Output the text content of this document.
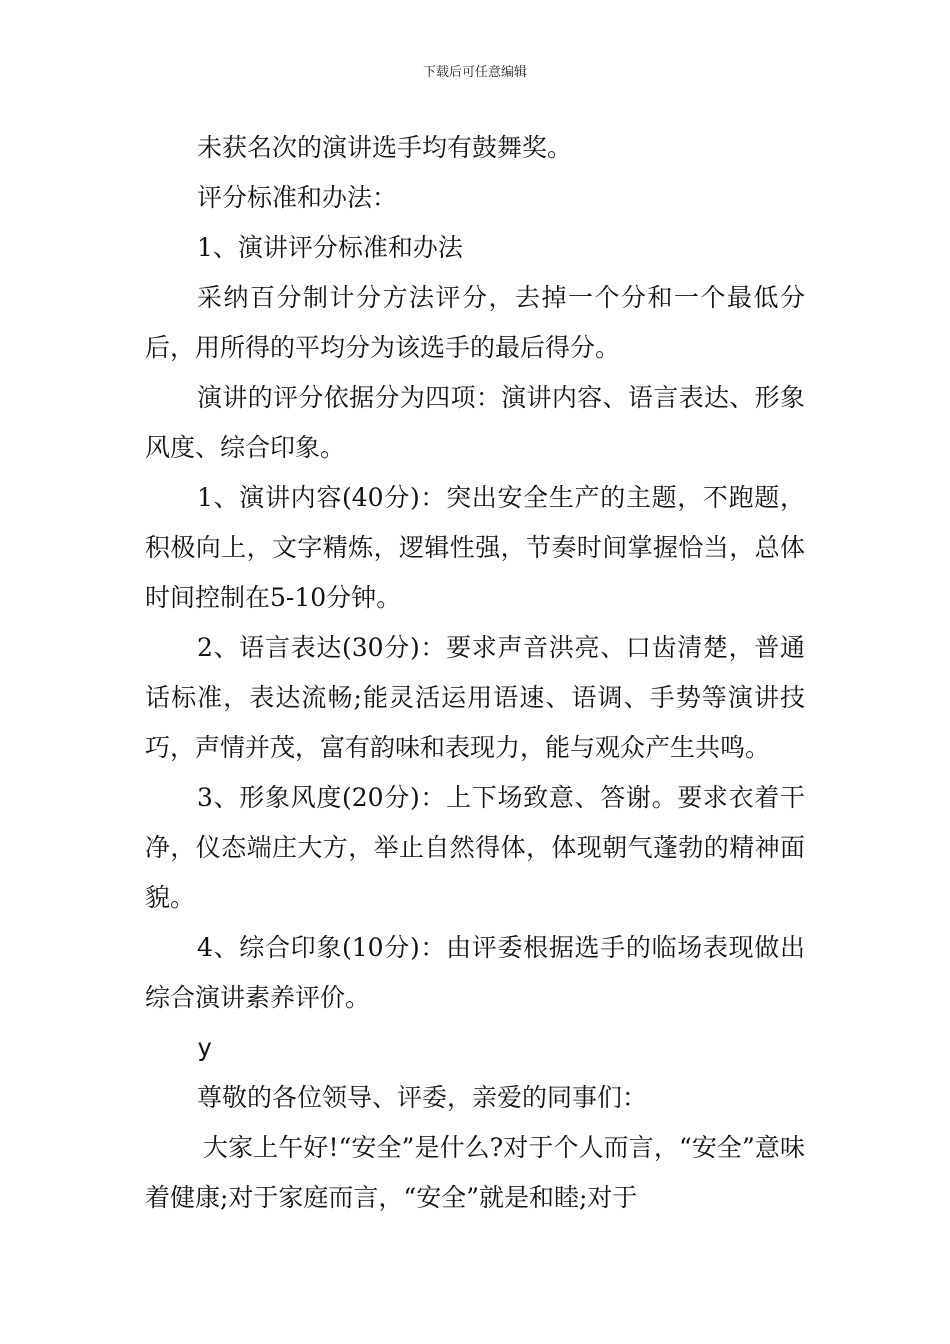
下载后可任意编辑

未获名次的演讲选手均有鼓舞奖。

评分标准和办法：

1、演讲评分标准和办法

采纳百分制计分方法评分，去掉一个分和一个最低分后，用所得的平均分为该选手的最后得分。

演讲的评分依据分为四项：演讲内容、语言表达、形象风度、综合印象。

1、演讲内容(40分)：突出安全生产的主题，不跑题，积极向上，文字精炼，逻辑性强，节奏时间掌握恰当，总体时间控制在5-10分钟。

2、语言表达(30分)：要求声音洪亮、口齿清楚，普通话标准，表达流畅;能灵活运用语速、语调、手势等演讲技巧，声情并茂，富有韵味和表现力，能与观众产生共鸣。

3、形象风度(20分)：上下场致意、答谢。要求衣着干净，仪态端庄大方，举止自然得体，体现朝气蓬勃的精神面貌。

4、综合印象(10分)：由评委根据选手的临场表现做出综合演讲素养评价。

y

尊敬的各位领导、评委，亲爱的同事们：

大家上午好!“安全”是什么?对于个人而言，“安全”意味着健康;对于家庭而言，“安全”就是和睦;对于
